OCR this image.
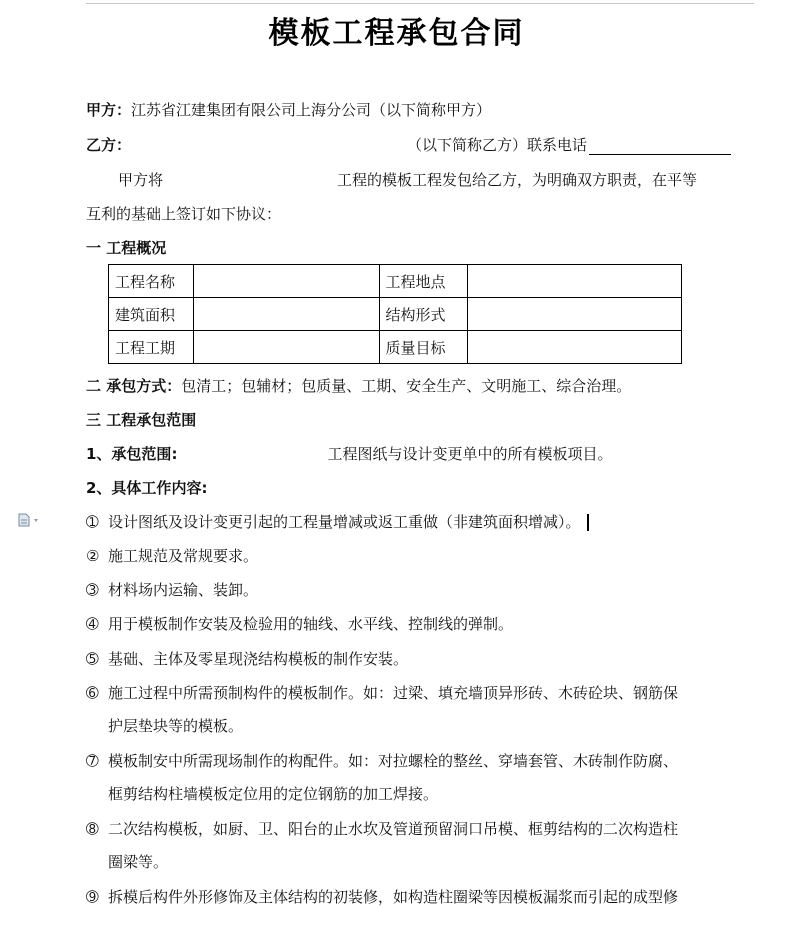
模板工程承包合同
甲方：江苏省江建集团有限公司上海分公司（以下简称甲方）
乙方：	（以下简称乙方）联系电话
甲方将	工程的模板工程发包给乙方，为明确双方职责，在平等
互利的基础上签订如下协议：
一 工程概况
工程名称		工程地点	
建筑面积		结构形式	
工程工期		质量目标	
二 承包方式：包清工；包辅材；包质量、工期、安全生产、文明施工、综合治理。
三 工程承包范围
1、承包范围:	工程图纸与设计变更单中的所有模板项目。
2、具体工作内容:
➀ 设计图纸及设计变更引起的工程量增减或返工重做（非建筑面积增减）。
② 施工规范及常规要求。
➂ 材料场内运输、装卸。
➃ 用于模板制作安装及检验用的轴线、水平线、控制线的弹制。
➄ 基础、主体及零星现浇结构模板的制作安装。
➅ 施工过程中所需预制构件的模板制作。如：过梁、填充墙顶异形砖、木砖砼块、钢筋保
护层垫块等的模板。
➆ 模板制安中所需现场制作的构配件。如：对拉螺栓的整丝、穿墙套管、木砖制作防腐、
框剪结构柱墙模板定位用的定位钢筋的加工焊接。
➇ 二次结构模板，如厨、卫、阳台的止水坎及管道预留洞口吊模、框剪结构的二次构造柱
圈梁等。
➈ 拆模后构件外形修饰及主体结构的初装修，如构造柱圈梁等因模板漏浆而引起的成型修
